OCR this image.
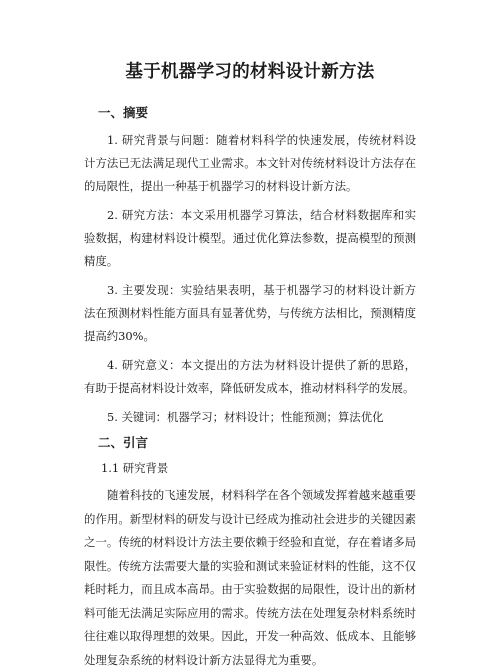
基于机器学习的材料设计新方法
一、摘要

1. 研究背景与问题：随着材料科学的快速发展，传统材料设计方法已无法满足现代工业需求。本文针对传统材料设计方法存在的局限性，提出一种基于机器学习的材料设计新方法。

2. 研究方法：本文采用机器学习算法，结合材料数据库和实验数据，构建材料设计模型。通过优化算法参数，提高模型的预测精度。

3. 主要发现：实验结果表明，基于机器学习的材料设计新方法在预测材料性能方面具有显著优势，与传统方法相比，预测精度提高约30%。

4. 研究意义：本文提出的方法为材料设计提供了新的思路，有助于提高材料设计效率，降低研发成本，推动材料科学的发展。

5. 关键词：机器学习；材料设计；性能预测；算法优化

二、引言
1.1 研究背景

随着科技的飞速发展，材料科学在各个领域发挥着越来越重要的作用。新型材料的研发与设计已经成为推动社会进步的关键因素之一。传统的材料设计方法主要依赖于经验和直觉，存在着诸多局限性。传统方法需要大量的实验和测试来验证材料的性能，这不仅耗时耗力，而且成本高昂。由于实验数据的局限性，设计出的新材料可能无法满足实际应用的需求。传统方法在处理复杂材料系统时往往难以取得理想的效果。因此，开发一种高效、低成本、且能够处理复杂系统的材料设计新方法显得尤为重要。
